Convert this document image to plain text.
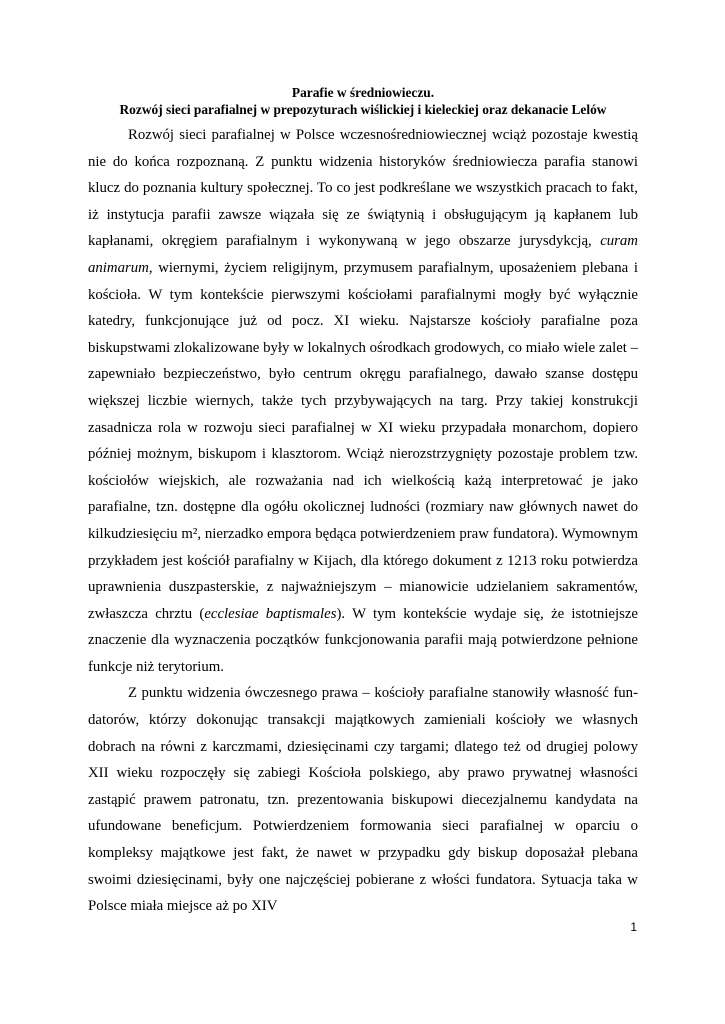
Parafie w średniowieczu.

Rozwój sieci parafialnej w prepozyturach wiślickiej i kieleckiej oraz dekanacie Lelów

Rozwój sieci parafialnej w Polsce wczesnośredniowiecznej wciąż pozostaje kwestią nie do końca rozpoznaną. Z punktu widzenia historyków średniowiecza parafia stanowi klucz do poznania kultury społecznej. To co jest podkreślane we wszystkich pracach to fakt, iż instytucja parafii zawsze wiązała się ze świątynią i obsługującym ją kapłanem lub kapłanami, okręgiem parafialnym i wykonywaną w jego obszarze jurysdykcją, curam animarum, wiernymi, życiem religijnym, przymusem parafialnym, uposażeniem plebana i kościoła. W tym kontekście pierwszymi kościołami parafialnymi mogły być wyłącznie katedry, funkcjonujące już od pocz. XI wieku. Najstarsze kościoły parafialne poza biskupstwami zlokalizowane były w lokalnych ośrodkach grodowych, co miało wiele zalet – zapewniało bezpieczeństwo, było centrum okręgu parafialnego, dawało szanse dostępu większej liczbie wiernych, także tych przybywających na targ. Przy takiej konstrukcji zasadnicza rola w rozwoju sieci parafialnej w XI wieku przypadała monarchom, dopiero później możnym, biskupom i klasztorom. Wciąż nierozstrzygnięty pozostaje problem tzw. kościołów wiejskich, ale rozważania nad ich wielkością każą interpretować je jako parafialne, tzn. dostępne dla ogółu okolicznej ludności (rozmiary naw głównych nawet do kilkudziesięciu m², nierzadko empora będąca potwierdzeniem praw fundatora). Wymownym przykładem jest kościół parafialny w Kijach, dla którego dokument z 1213 roku potwierdza uprawnienia duszpasterskie, z najważniejszym – mianowicie udzielaniem sakramentów, zwłaszcza chrztu (ecclesiae baptismales). W tym kontekście wydaje się, że istotniejsze znaczenie dla wyznaczenia początków funkcjonowania parafii mają potwierdzone pełnione funkcje niż terytorium.

Z punktu widzenia ówczesnego prawa – kościoły parafialne stanowiły własność fundatorów, którzy dokonując transakcji majątkowych zamieniali kościoły we własnych dobrach na równi z karczmami, dziesięcinami czy targami; dlatego też od drugiej polowy XII wieku rozpoczęły się zabiegi Kościoła polskiego, aby prawo prywatnej własności zastąpić prawem patronatu, tzn. prezentowania biskupowi diecezjalnemu kandydata na ufundowane beneficjum. Potwierdzeniem formowania sieci parafialnej w oparciu o kompleksy majątkowe jest fakt, że nawet w przypadku gdy biskup doposażał plebana swoimi dziesięcinami, były one najczęściej pobierane z włości fundatora. Sytuacja taka w Polsce miała miejsce aż po XIV

1
